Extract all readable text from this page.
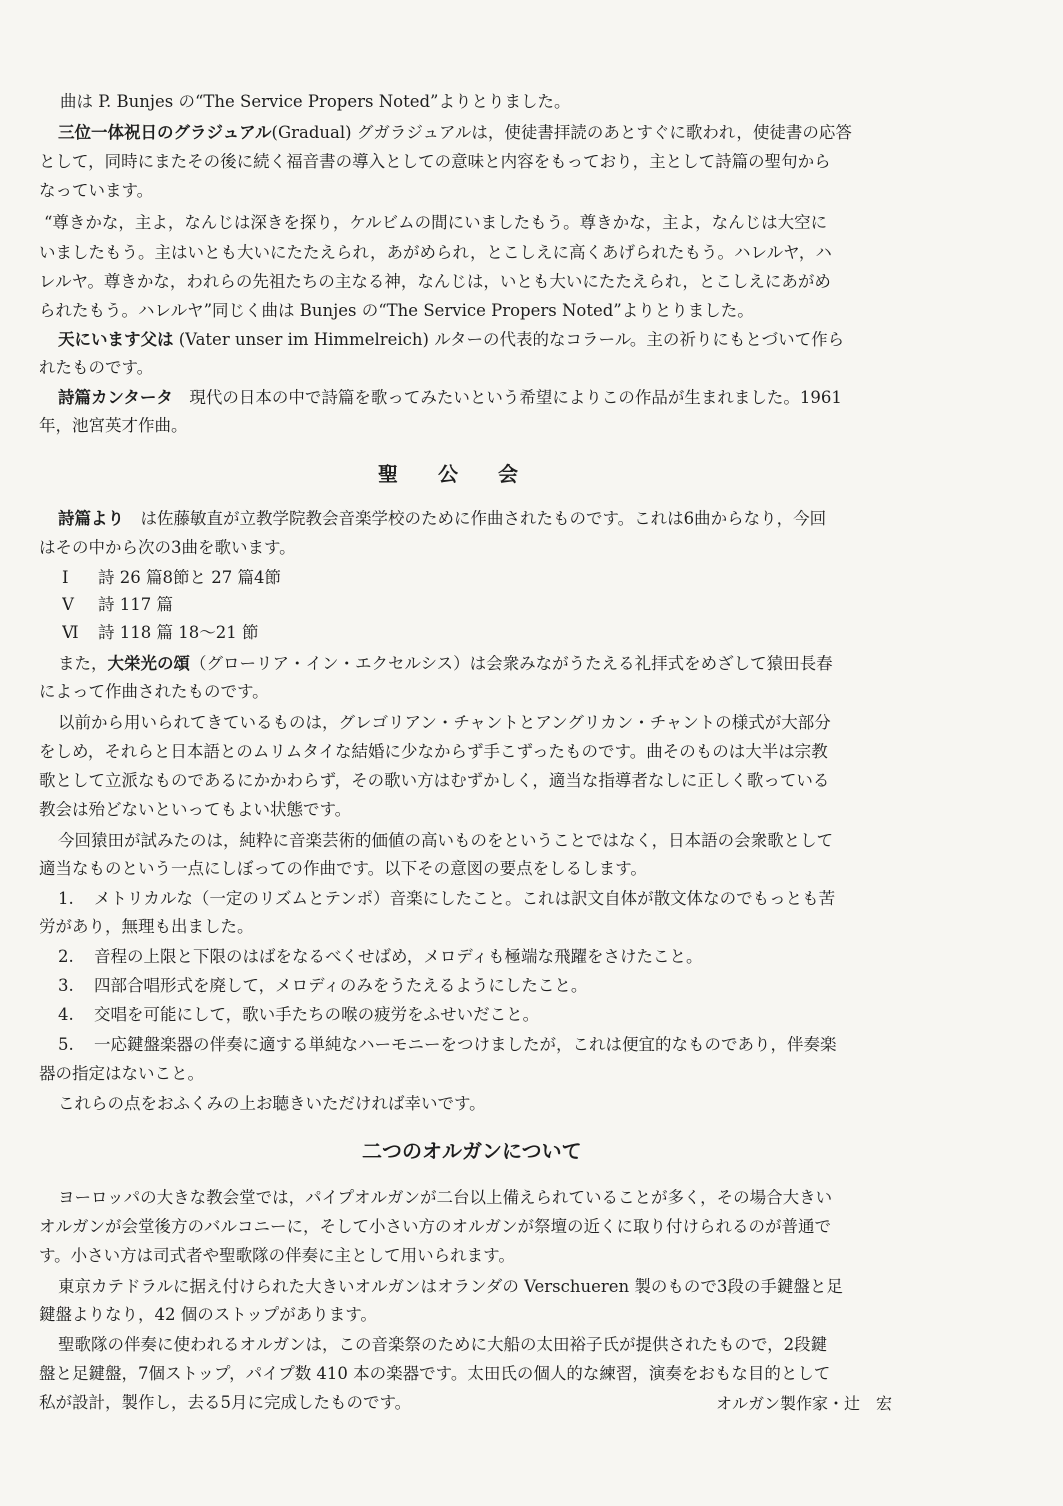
曲は P. Bunjes の“The Service Propers Noted”よりとりました。
三位一体祝日のグラジュアル(Gradual) グガラジュアルは，使徒書拝読のあとすぐに歌われ，使徒書の応答
として，同時にまたその後に続く福音書の導入としての意味と内容をもっており，主として詩篇の聖句から
なっています。
“尊きかな，主よ，なんじは深きを探り，ケルビムの間にいましたもう。尊きかな，主よ，なんじは大空に
いましたもう。主はいとも大いにたたえられ，あがめられ，とこしえに高くあげられたもう。ハレルヤ，ハ
レルヤ。尊きかな，われらの先祖たちの主なる神，なんじは，いとも大いにたたえられ，とこしえにあがめ
られたもう。ハレルヤ”同じく曲は Bunjes の“The Service Propers Noted”よりとりました。
天にいます父は (Vater unser im Himmelreich) ルターの代表的なコラール。主の祈りにもとづいて作ら
れたものです。
詩篇カンタータ　 現代の日本の中で詩篇を歌ってみたいという希望によりこの作品が生まれました。1961
年，池宮英才作曲。
聖　　公　　会
詩篇より　 は佐藤敏直が立教学院教会音楽学校のために作曲されたものです。これは6曲からなり，今回
はその中から次の3曲を歌います。
Ⅰ 詩 26 篇8節と 27 篇4節
Ⅴ 詩 117 篇
Ⅵ 詩 118 篇 18～21 節
また，大栄光の頌（グローリア・イン・エクセルシス）は会衆みながうたえる礼拝式をめざして猿田長春
によって作曲されたものです。
以前から用いられてきているものは，グレゴリアン・チャントとアングリカン・チャントの様式が大部分
をしめ，それらと日本語とのムリムタイな結婚に少なからず手こずったものです。曲そのものは大半は宗教
歌として立派なものであるにかかわらず，その歌い方はむずかしく，適当な指導者なしに正しく歌っている
教会は殆どないといってもよい状態です。
今回猿田が試みたのは，純粋に音楽芸術的価値の高いものをということではなく，日本語の会衆歌として
適当なものという一点にしぼっての作曲です。以下その意図の要点をしるします。
1. メトリカルな（一定のリズムとテンポ）音楽にしたこと。これは訳文自体が散文体なのでもっとも苦
労があり，無理も出ました。
2. 音程の上限と下限のはばをなるべくせばめ，メロディも極端な飛躍をさけたこと。
3. 四部合唱形式を廃して，メロディのみをうたえるようにしたこと。
4. 交唱を可能にして，歌い手たちの喉の疲労をふせいだこと。
5. 一応鍵盤楽器の伴奏に適する単純なハーモニーをつけましたが，これは便宜的なものであり，伴奏楽
器の指定はないこと。
これらの点をおふくみの上お聴きいただければ幸いです。
二つのオルガンについて
ヨーロッパの大きな教会堂では，パイプオルガンが二台以上備えられていることが多く，その場合大きい
オルガンが会堂後方のバルコニーに，そして小さい方のオルガンが祭壇の近くに取り付けられるのが普通で
す。小さい方は司式者や聖歌隊の伴奏に主として用いられます。
東京カテドラルに据え付けられた大きいオルガンはオランダの Verschueren 製のもので3段の手鍵盤と足
鍵盤よりなり，42 個のストップがあります。
聖歌隊の伴奏に使われるオルガンは，この音楽祭のために大船の太田裕子氏が提供されたもので，2段鍵
盤と足鍵盤，7個ストップ，パイプ数 410 本の楽器です。太田氏の個人的な練習，演奏をおもな目的として
私が設計，製作し，去る5月に完成したものです。	オルガン製作家・辻　宏
